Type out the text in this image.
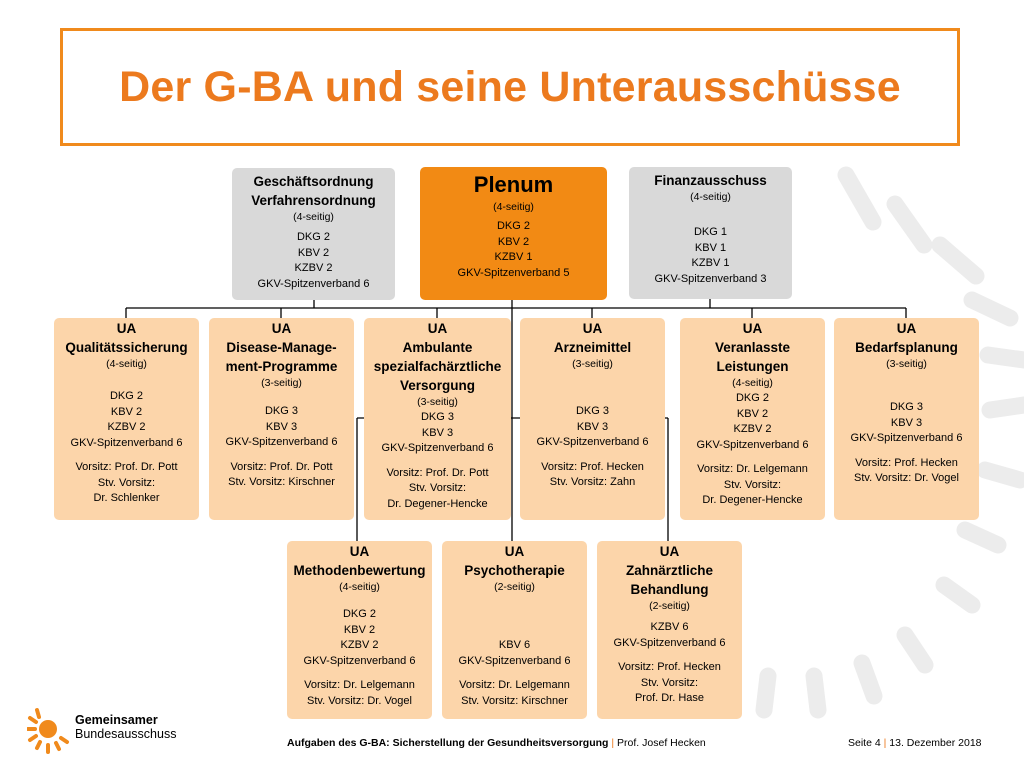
Der G-BA und seine Unterausschüsse
Geschäftsordnung
Verfahrensordnung
(4-seitig)
DKG 2
KBV 2
KZBV 2
GKV-Spitzenverband 6
Plenum
(4-seitig)
DKG 2
KBV 2
KZBV 1
GKV-Spitzenverband 5
Finanzausschuss
(4-seitig)
DKG 1
KBV 1
KZBV 1
GKV-Spitzenverband 3
UA
Qualitätssicherung
(4-seitig)
DKG 2
KBV 2
KZBV 2
GKV-Spitzenverband 6
Vorsitz: Prof. Dr. Pott
Stv. Vorsitz:
Dr. Schlenker
UA
Disease-Manage-
ment-Programme
(3-seitig)
DKG 3
KBV 3
GKV-Spitzenverband 6
Vorsitz: Prof. Dr. Pott
Stv. Vorsitz: Kirschner
UA
Ambulante
spezialfachärztliche
Versorgung
(3-seitig)
DKG 3
KBV 3
GKV-Spitzenverband 6
Vorsitz: Prof. Dr. Pott
Stv. Vorsitz:
Dr. Degener-Hencke
UA
Arzneimittel
(3-seitig)
DKG 3
KBV 3
GKV-Spitzenverband 6
Vorsitz: Prof. Hecken
Stv. Vorsitz: Zahn
UA
Veranlasste
Leistungen
(4-seitig)
DKG 2
KBV 2
KZBV 2
GKV-Spitzenverband 6
Vorsitz: Dr. Lelgemann
Stv. Vorsitz:
Dr. Degener-Hencke
UA
Bedarfsplanung
(3-seitig)
DKG 3
KBV 3
GKV-Spitzenverband 6
Vorsitz: Prof. Hecken
Stv. Vorsitz: Dr. Vogel
UA
Methodenbewertung
(4-seitig)
DKG 2
KBV 2
KZBV 2
GKV-Spitzenverband 6
Vorsitz: Dr. Lelgemann
Stv. Vorsitz: Dr. Vogel
UA
Psychotherapie
(2-seitig)
KBV 6
GKV-Spitzenverband 6
Vorsitz: Dr. Lelgemann
Stv. Vorsitz: Kirschner
UA
Zahnärztliche
Behandlung
(2-seitig)
KZBV 6
GKV-Spitzenverband 6
Vorsitz: Prof. Hecken
Stv. Vorsitz:
Prof. Dr. Hase
Gemeinsamer
Bundesausschuss
Aufgaben des G-BA: Sicherstellung der Gesundheitsversorgung | Prof. Josef Hecken	Seite 4 | 13. Dezember 2018
